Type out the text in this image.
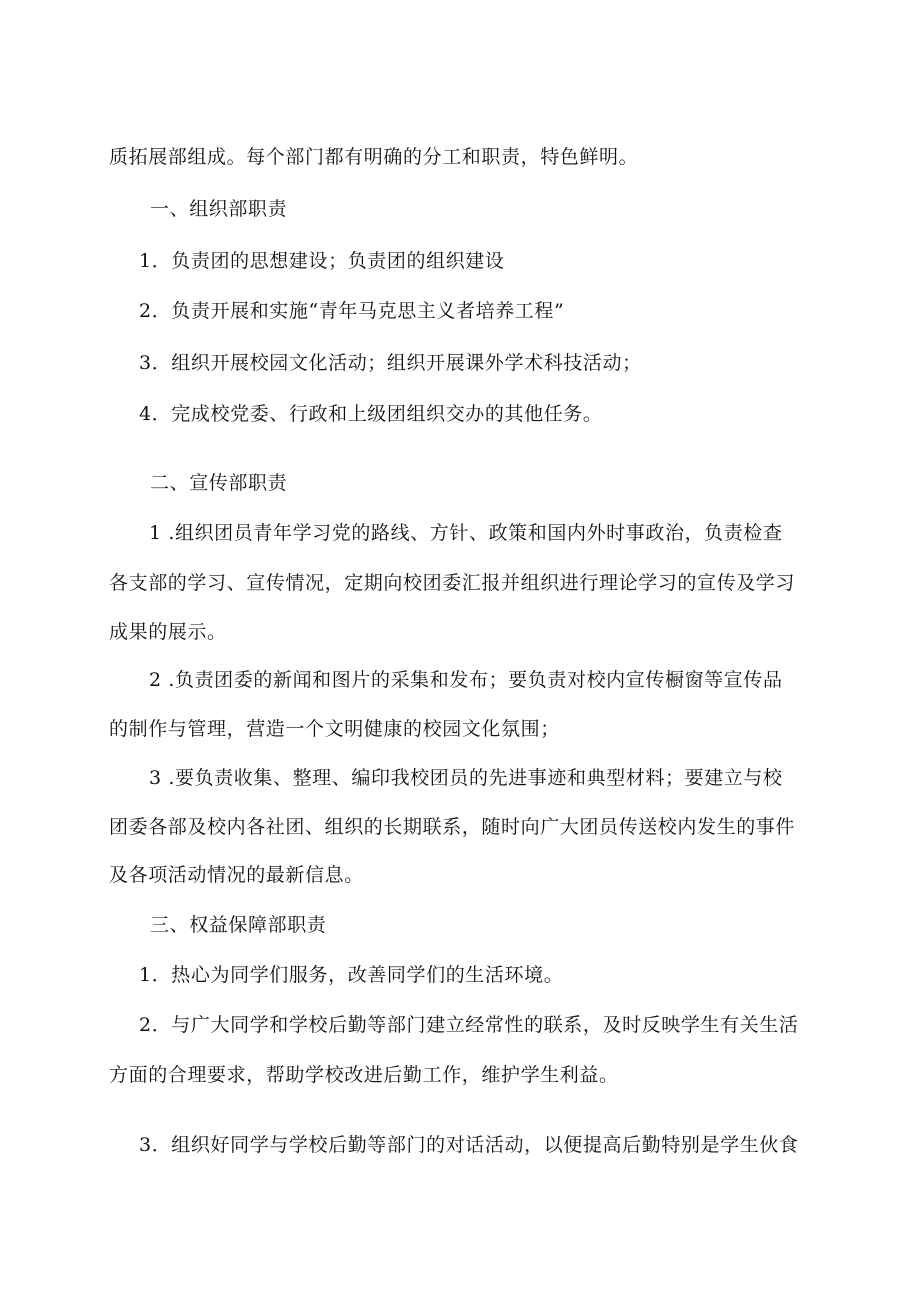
质拓展部组成。每个部门都有明确的分工和职责，特色鲜明。
一、组织部职责
1．负责团的思想建设；负责团的组织建设
2．负责开展和实施“青年马克思主义者培养工程”
3．组织开展校园文化活动；组织开展课外学术科技活动；
4．完成校党委、行政和上级团组织交办的其他任务。
二、宣传部职责
1 .组织团员青年学习党的路线、方针、政策和国内外时事政治，负责检查
各支部的学习、宣传情况，定期向校团委汇报并组织进行理论学习的宣传及学习
成果的展示。
2 .负责团委的新闻和图片的采集和发布；要负责对校内宣传橱窗等宣传品
的制作与管理，营造一个文明健康的校园文化氛围；
3 .要负责收集、整理、编印我校团员的先进事迹和典型材料；要建立与校
团委各部及校内各社团、组织的长期联系，随时向广大团员传送校内发生的事件
及各项活动情况的最新信息。
三、权益保障部职责
1．热心为同学们服务，改善同学们的生活环境。
2．与广大同学和学校后勤等部门建立经常性的联系，及时反映学生有关生活
方面的合理要求，帮助学校改进后勤工作，维护学生利益。
3．组织好同学与学校后勤等部门的对话活动，以便提高后勤特别是学生伙食
